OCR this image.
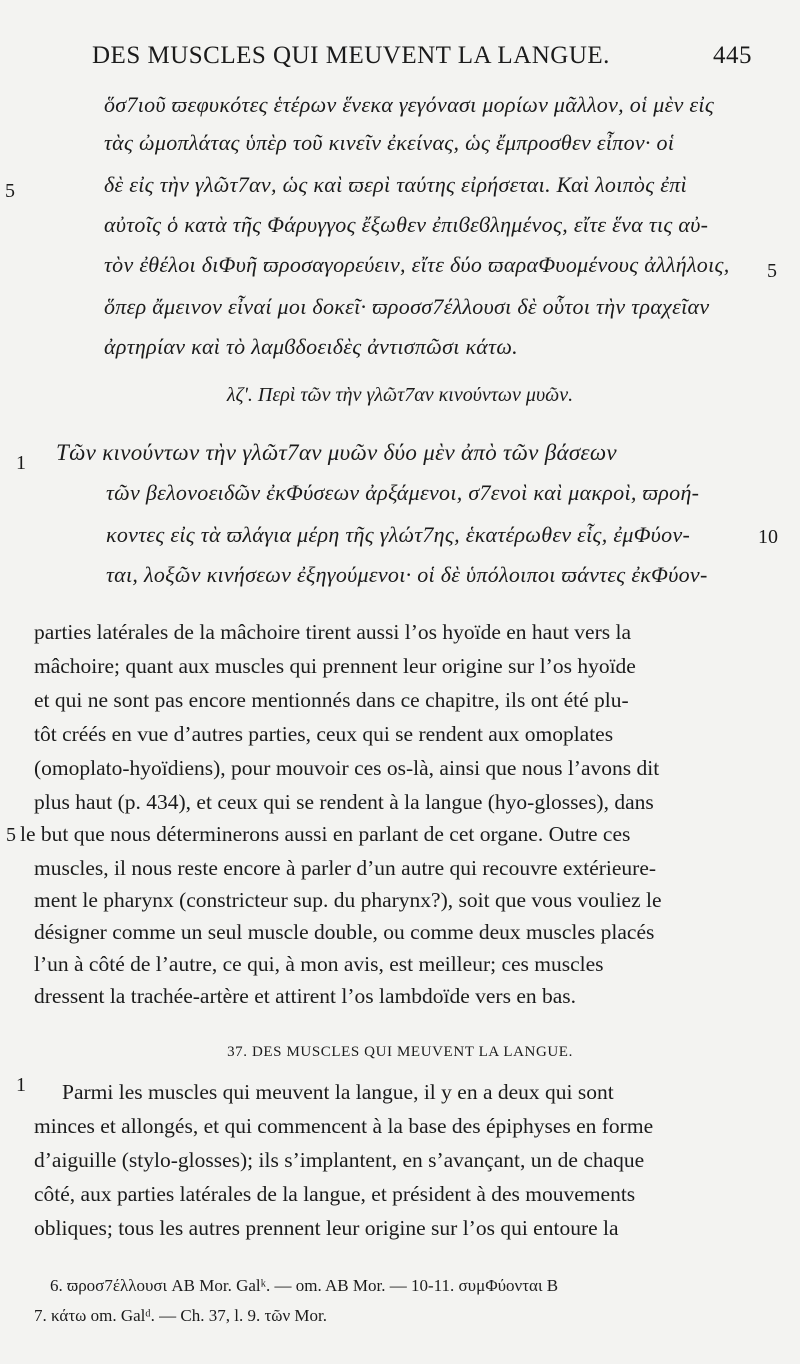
DES MUSCLES QUI MEUVENT LA LANGUE.	445
ὅσ7ιοῦ ϖεφυκότες ἑτέρων ἕνεκα γεγόνασι μορίων μᾶλλον, οἱ μὲν εἰς
τὰς ὠμοπλάτας ὑπὲρ τοῦ κινεῖν ἐκείνας, ὡς ἔμπροσθεν εἶπον· οἱ
δὲ εἰς τὴν γλῶτ7αν, ὡς καὶ ϖερὶ ταύτης εἰρήσεται. Καὶ λοιπὸς ἐπὶ
αὐτοῖς ὁ κατὰ τῆς Φάρυγγος ἔξωθεν ἐπιϐεϐλημένος, εἴτε ἕνα τις αὐ-
τὸν ἐθέλοι διΦυῆ ϖροσαγορεύειν, εἴτε δύο ϖαραΦυομένους ἀλλήλοις,
ὅπερ ἄμεινον εἶναί μοι δοκεῖ· ϖροσσ7έλλουσι δὲ οὗτοι τὴν τραχεῖαν
ἀρτηρίαν καὶ τὸ λαμϐδοειδὲς ἀντισπῶσι κάτω.
5
5
λζʹ. Περὶ τῶν τὴν γλῶτ7αν κινούντων μυῶν.
Τῶν κινούντων τὴν γλῶτ7αν μυῶν δύο μὲν ἀπὸ τῶν βάσεων
τῶν βελονοειδῶν ἐκΦύσεων ἀρξάμενοι, σ7ενοὶ καὶ μακροὶ, ϖροή-
κοντες εἰς τὰ ϖλάγια μέρη τῆς γλώτ7ης, ἑκατέρωθεν εἷς, ἐμΦύον-
ται, λοξῶν κινήσεων ἐξηγούμενοι· οἱ δὲ ὑπόλοιποι ϖάντες ἐκΦύον-
1
10
parties latérales de la mâchoire tirent aussi l’os hyoïde en haut vers la
mâchoire; quant aux muscles qui prennent leur origine sur l’os hyoïde
et qui ne sont pas encore mentionnés dans ce chapitre, ils ont été plu-
tôt créés en vue d’autres parties, ceux qui se rendent aux omoplates
(omoplato-hyoïdiens), pour mouvoir ces os-là, ainsi que nous l’avons dit
plus haut (p. 434), et ceux qui se rendent à la langue (hyo-glosses), dans
le but que nous déterminerons aussi en parlant de cet organe. Outre ces
muscles, il nous reste encore à parler d’un autre qui recouvre extérieure-
ment le pharynx (constricteur sup. du pharynx?), soit que vous vouliez le
désigner comme un seul muscle double, ou comme deux muscles placés
l’un à côté de l’autre, ce qui, à mon avis, est meilleur; ces muscles
dressent la trachée-artère et attirent l’os lambdoïde vers en bas.
5
37. DES MUSCLES QUI MEUVENT LA LANGUE.
Parmi les muscles qui meuvent la langue, il y en a deux qui sont
minces et allongés, et qui commencent à la base des épiphyses en forme
d’aiguille (stylo-glosses); ils s’implantent, en s’avançant, un de chaque
côté, aux parties latérales de la langue, et président à des mouvements
obliques; tous les autres prennent leur origine sur l’os qui entoure la
1
6. ϖροσ7έλλουσι AB Mor. Galᵏ. — om. AB Mor. — 10-11. συμΦύονται B
7. κάτω om. Galᵈ. — Ch. 37, l. 9. τῶν Mor.
